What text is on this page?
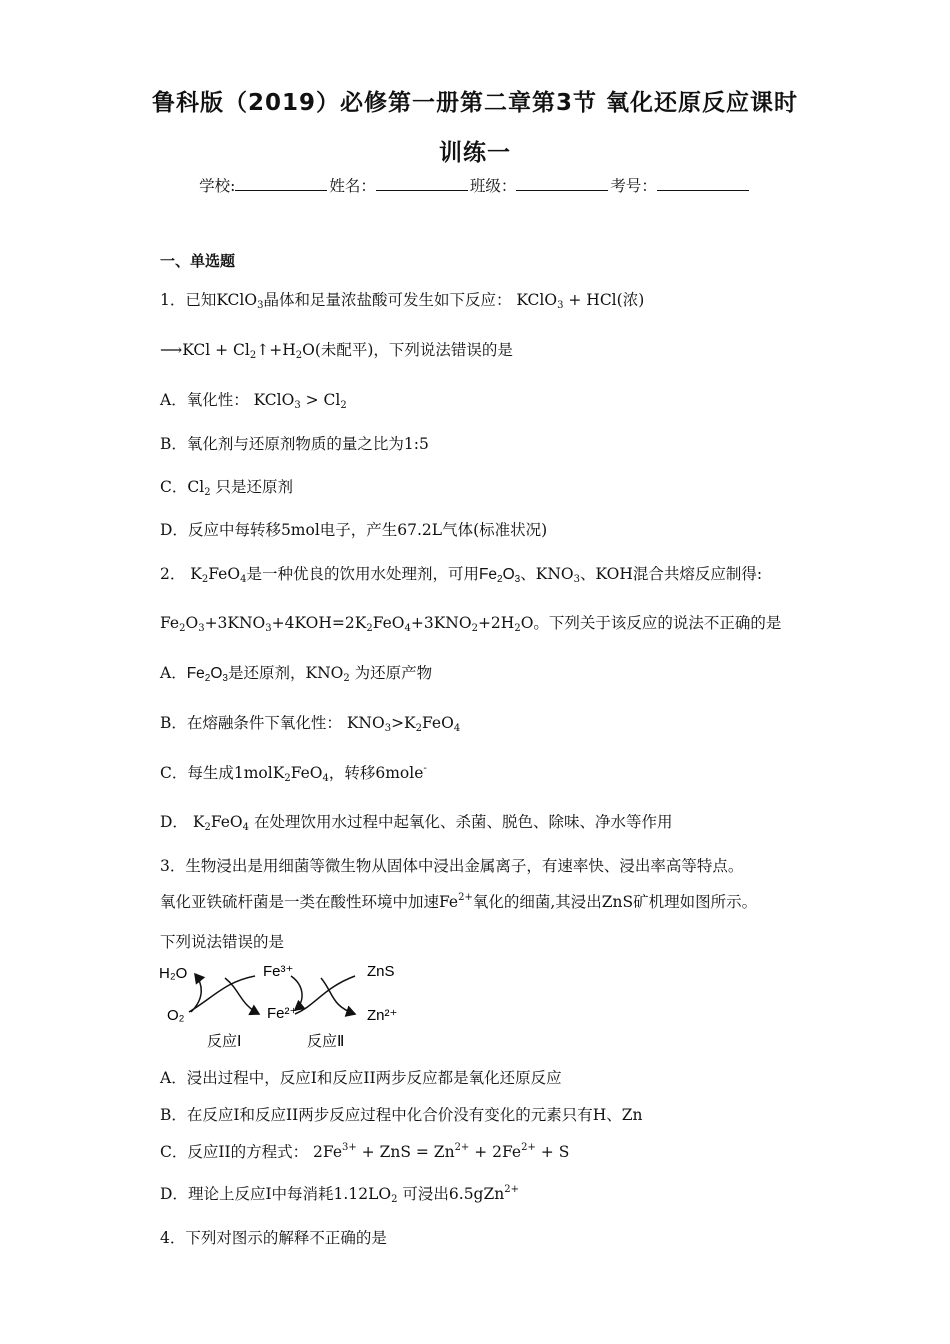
鲁科版（2019）必修第一册第二章第3节 氧化还原反应课时
训练一
学校:	姓名：	班级：	考号：
一、单选题
1．已知KClO$_3$晶体和足量浓盐酸可发生如下反应： KClO$_3$ + HCl(浓)
⟶KCl + $Cl_2↑+H_2O$(未配平)，下列说法错误的是
A．氧化性： KClO$_3$ > $Cl_2$
B．氧化剂与还原剂物质的量之比为1:5
C．$Cl_2$ 只是还原剂
D．反应中每转移5mol电子，产生67.2L气体(标准状况)
2． $K_2FeO_4$是一种优良的饮用水处理剂，可用$Fe_2O_3$、$KNO_3$、KOH混合共熔反应制得:
$Fe_2O_3+3KNO_3+4KOH=2K_2FeO_4+3KNO_2+2H_2O$。下列关于该反应的说法不正确的是
A．$Fe_2O_3$是还原剂，$KNO_2$ 为还原产物
B．在熔融条件下氧化性： $KNO_3>K_2FeO_4$
C．每生成1molK$_2$FeO$_4$，转移6mole-
D． $K_2FeO_4$ 在处理饮用水过程中起氧化、杀菌、脱色、除味、净水等作用
3．生物浸出是用细菌等微生物从固体中浸出金属离子，有速率快、浸出率高等特点。
氧化亚铁硫杆菌是一类在酸性环境中加速$Fe^{2+}$氧化的细菌,其浸出ZnS矿机理如图所示。
下列说法错误的是
H₂O
O₂
Fe³⁺
Fe²⁺
ZnS
Zn²⁺
反应Ⅰ	反应Ⅱ
A．浸出过程中，反应I和反应II两步反应都是氧化还原反应
B．在反应I和反应II两步反应过程中化合价没有变化的元素只有H、Zn
C．反应II的方程式： $2Fe^{3+}$ + ZnS = $Zn^{2+} + 2Fe^{2+} + S$
D．理论上反应I中每消耗$1.12LO_2$ 可浸出6.5gZn$^{2+}$
4．下列对图示的解释不正确的是
